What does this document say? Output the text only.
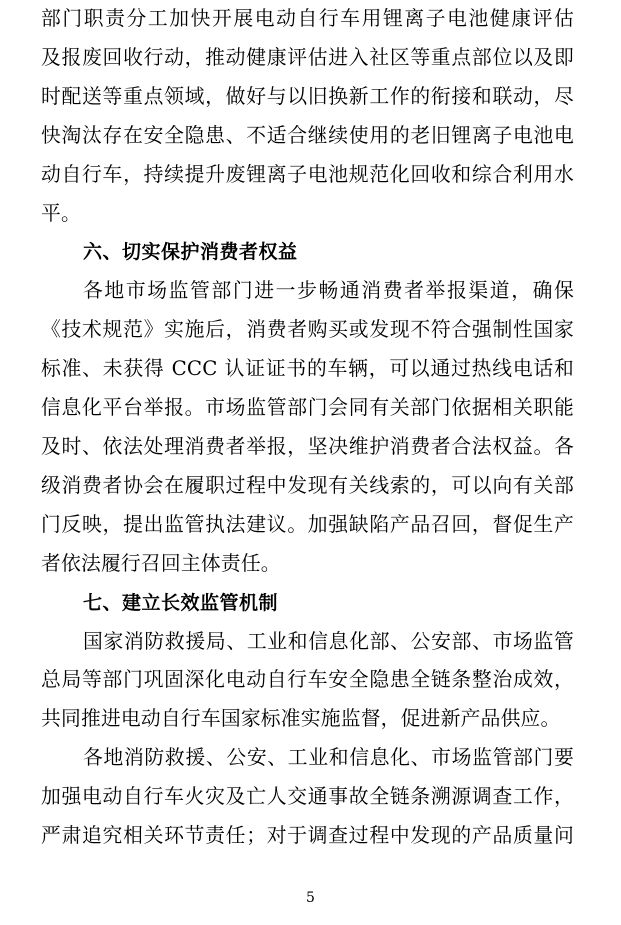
部门职责分工加快开展电动自行车用锂离子电池健康评估
及报废回收行动，推动健康评估进入社区等重点部位以及即
时配送等重点领域，做好与以旧换新工作的衔接和联动，尽
快淘汰存在安全隐患、不适合继续使用的老旧锂离子电池电
动自行车，持续提升废锂离子电池规范化回收和综合利用水
平。
六、切实保护消费者权益
各地市场监管部门进一步畅通消费者举报渠道，确保
《技术规范》实施后，消费者购买或发现不符合强制性国家
标准、未获得 CCC 认证证书的车辆，可以通过热线电话和
信息化平台举报。市场监管部门会同有关部门依据相关职能
及时、依法处理消费者举报，坚决维护消费者合法权益。各
级消费者协会在履职过程中发现有关线索的，可以向有关部
门反映，提出监管执法建议。加强缺陷产品召回，督促生产
者依法履行召回主体责任。
七、建立长效监管机制
国家消防救援局、工业和信息化部、公安部、市场监管
总局等部门巩固深化电动自行车安全隐患全链条整治成效，
共同推进电动自行车国家标准实施监督，促进新产品供应。
各地消防救援、公安、工业和信息化、市场监管部门要
加强电动自行车火灾及亡人交通事故全链条溯源调查工作，
严肃追究相关环节责任；对于调查过程中发现的产品质量问
5
